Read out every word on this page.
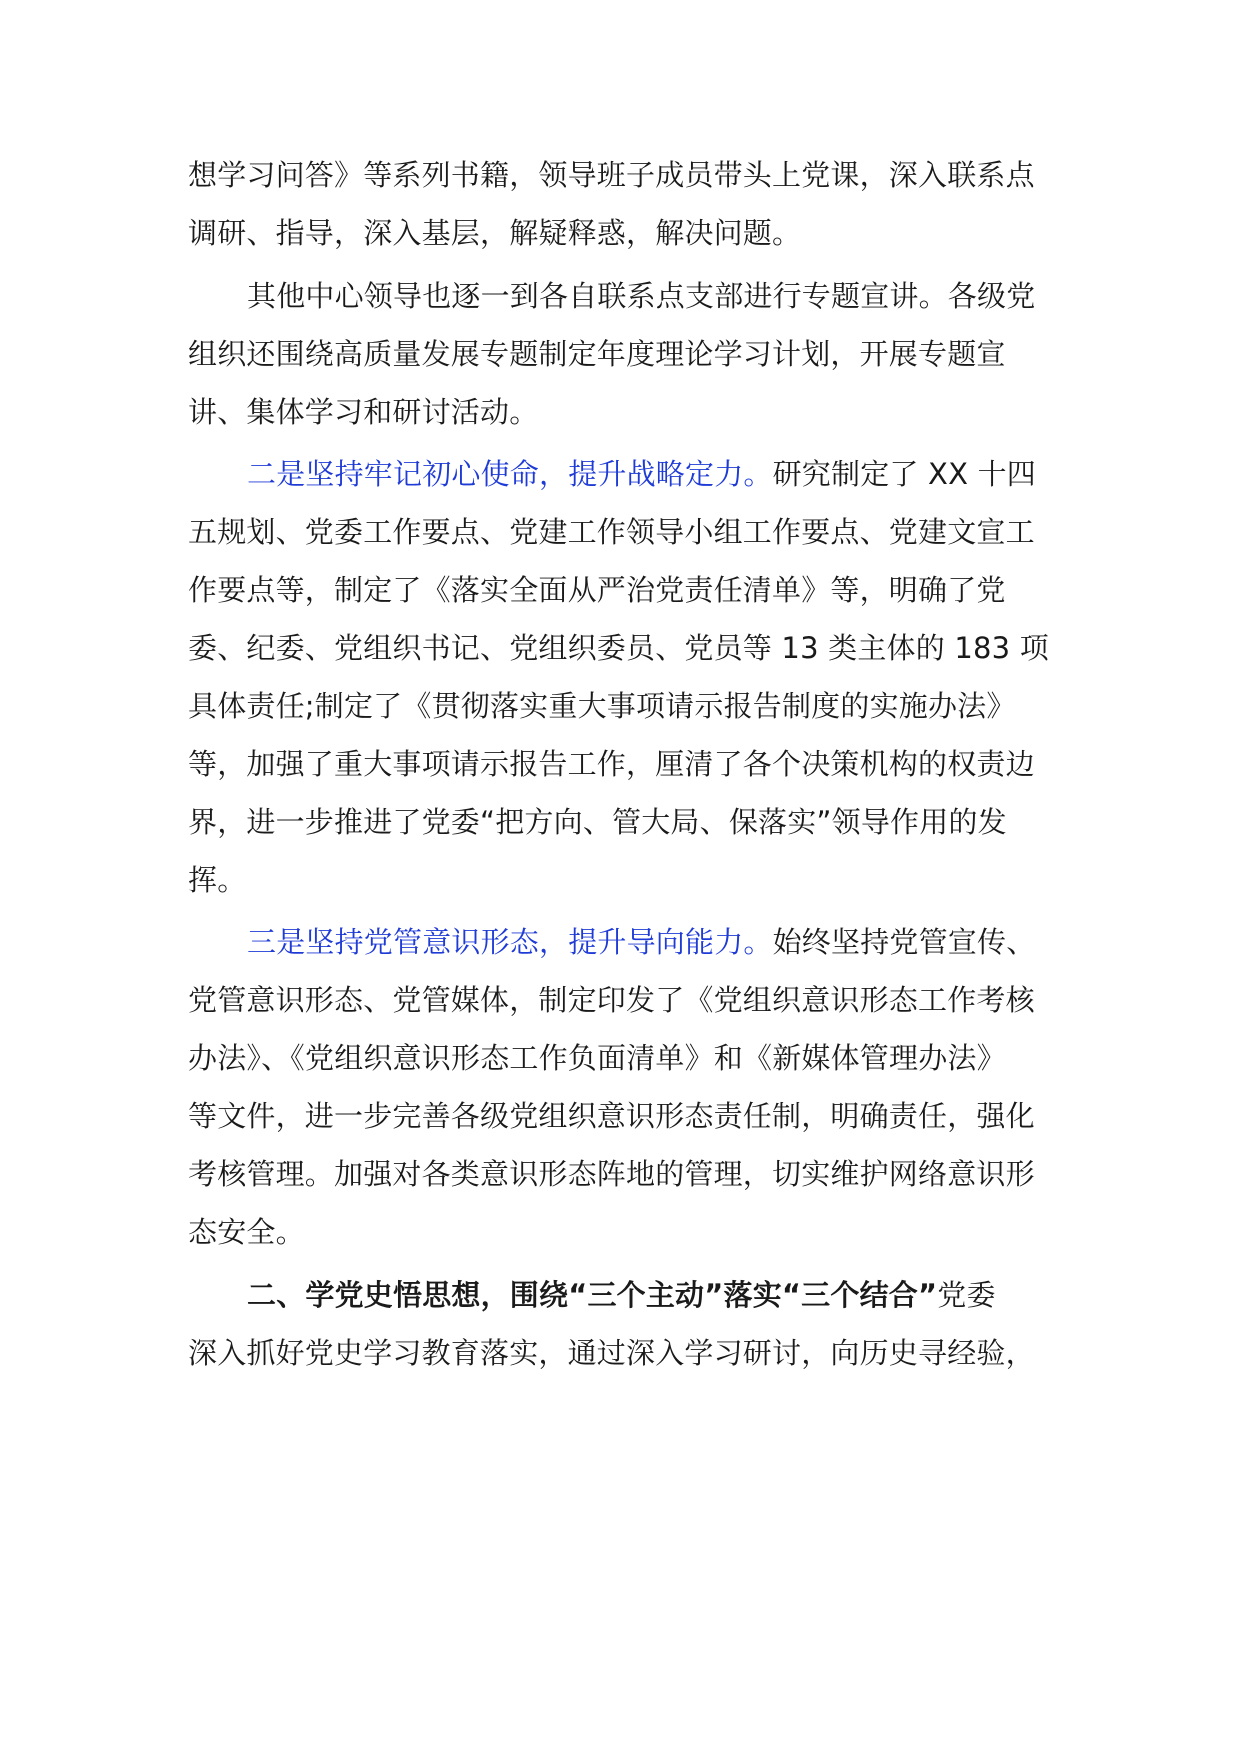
想学习问答》等系列书籍，领导班子成员带头上党课，深入联系点
调研、指导，深入基层，解疑释惑，解决问题。
其他中心领导也逐一到各自联系点支部进行专题宣讲。各级党
组织还围绕高质量发展专题制定年度理论学习计划，开展专题宣
讲、集体学习和研讨活动。
二是坚持牢记初心使命，提升战略定力。研究制定了 XX 十四
五规划、党委工作要点、党建工作领导小组工作要点、党建文宣工
作要点等，制定了《落实全面从严治党责任清单》等，明确了党
委、纪委、党组织书记、党组织委员、党员等 13 类主体的 183 项
具体责任;制定了《贯彻落实重大事项请示报告制度的实施办法》
等，加强了重大事项请示报告工作，厘清了各个决策机构的权责边
界，进一步推进了党委“把方向、管大局、保落实”领导作用的发
挥。
三是坚持党管意识形态，提升导向能力。始终坚持党管宣传、
党管意识形态、党管媒体，制定印发了《党组织意识形态工作考核
办法》、《党组织意识形态工作负面清单》和《新媒体管理办法》
等文件，进一步完善各级党组织意识形态责任制，明确责任，强化
考核管理。加强对各类意识形态阵地的管理，切实维护网络意识形
态安全。
二、学党史悟思想，围绕“三个主动”落实“三个结合”党委
深入抓好党史学习教育落实，通过深入学习研讨，向历史寻经验，
